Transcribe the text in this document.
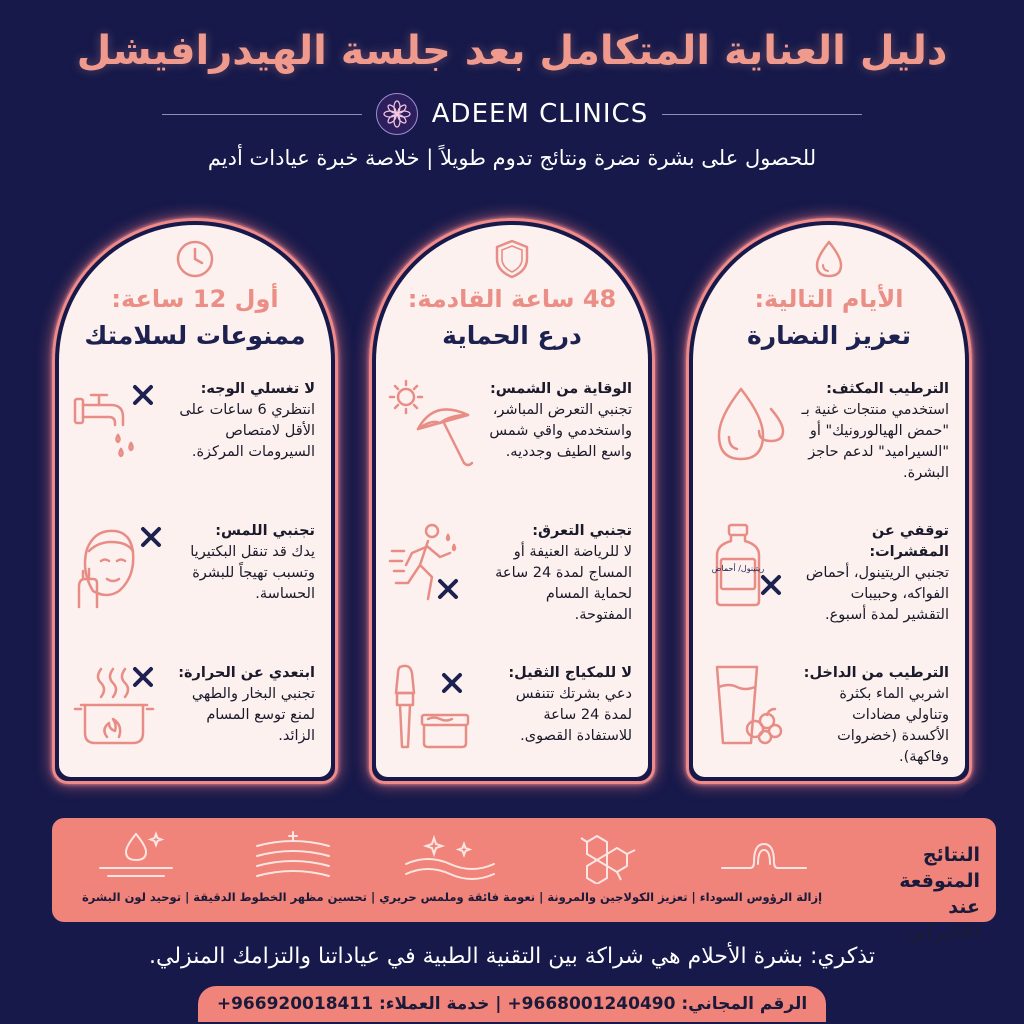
دليل العناية المتكامل بعد جلسة الهيدرافيشل
ADEEM CLINICS
للحصول على بشرة نضرة ونتائج تدوم طويلاً | خلاصة خبرة عيادات أديم
أول 12 ساعة:
ممنوعات لسلامتك
لا تغسلي الوجه:
انتظري 6 ساعات على الأقل لامتصاص السيرومات المركزة.
تجنبي اللمس:
يدك قد تنقل البكتيريا وتسبب تهيجاً للبشرة الحساسة.
ابتعدي عن الحرارة:
تجنبي البخار والطهي لمنع توسع المسام الزائد.
48 ساعة القادمة:
درع الحماية
الوقاية من الشمس:
تجنبي التعرض المباشر، واستخدمي واقي شمس واسع الطيف وجدديه.
تجنبي التعرق:
لا للرياضة العنيفة أو المساج لمدة 24 ساعة لحماية المسام المفتوحة.
لا للمكياج الثقيل:
دعي بشرتك تتنفس لمدة 24 ساعة للاستفادة القصوى.
الأيام التالية:
تعزيز النضارة
الترطيب المكثف:
استخدمي منتجات غنية بـ "حمض الهيالورونيك" أو "السيراميد" لدعم حاجز البشرة.
توقفي عن المقشرات:
تجنبي الريتينول، أحماض الفواكه، وحبيبات التقشير لمدة أسبوع.
ريتينول/ أحماض
الترطيب من الداخل:
اشربي الماء بكثرة وتناولي مضادات الأكسدة (خضروات وفاكهة).
النتائج المتوقعة عند الالتزام:
إزالة الرؤوس السوداء | تعزيز الكولاجين والمرونة | نعومة فائقة وملمس حريري | تحسين مظهر الخطوط الدقيقة | توحيد لون البشرة
تذكري: بشرة الأحلام هي شراكة بين التقنية الطبية في عياداتنا والتزامك المنزلي.
الرقم المجاني: 9668001240490+ | خدمة العملاء: 966920018411+
